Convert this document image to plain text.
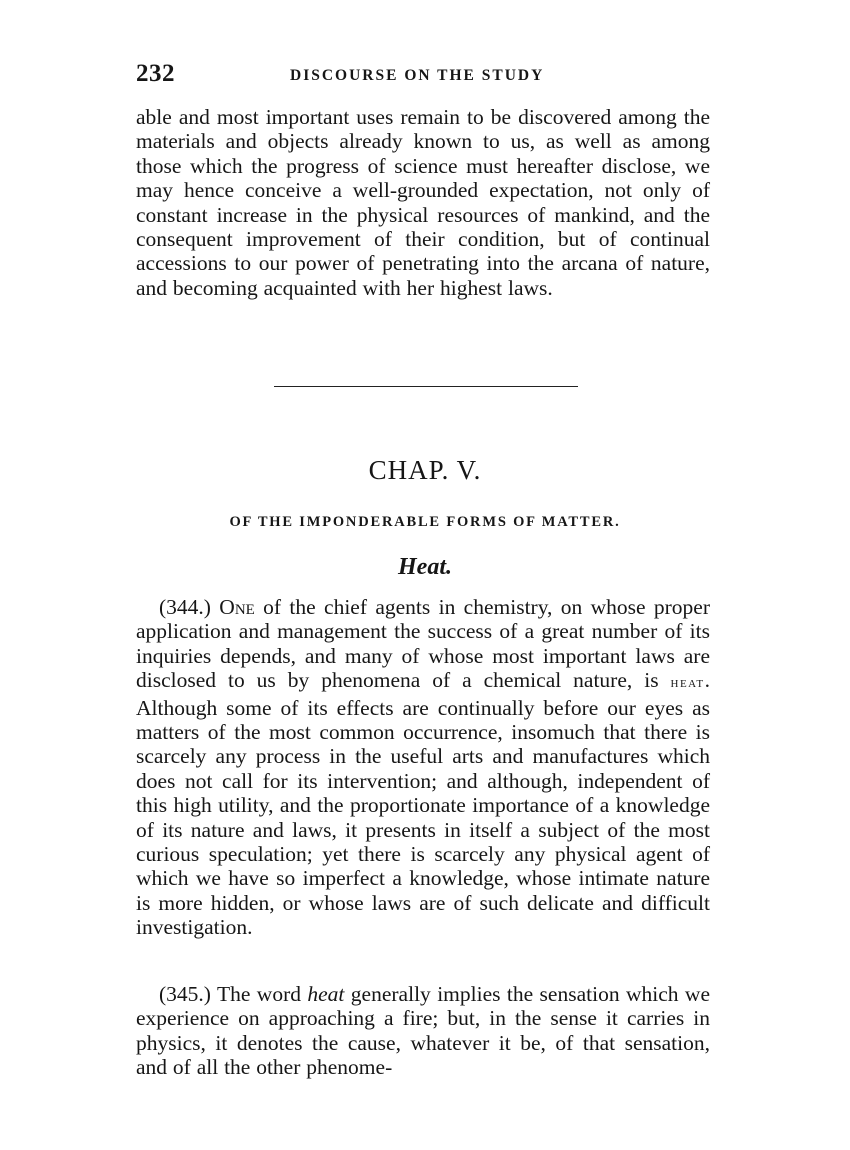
232	DISCOURSE ON THE STUDY

able and most important uses remain to be discovered among the materials and objects already known to us, as well as among those which the progress of science must hereafter disclose, we may hence conceive a well-grounded expectation, not only of constant increase in the physical resources of mankind, and the consequent improvement of their condition, but of continual accessions to our power of penetrating into the arcana of nature, and becoming acquainted with her highest laws.

CHAP. V.
OF THE IMPONDERABLE FORMS OF MATTER.
Heat.

(344.) One of the chief agents in chemistry, on whose proper application and management the success of a great number of its inquiries depends, and many of whose most important laws are disclosed to us by phenomena of a chemical nature, is heat. Although some of its effects are continually before our eyes as matters of the most common occurrence, insomuch that there is scarcely any process in the useful arts and manufactures which does not call for its intervention; and although, independent of this high utility, and the proportionate importance of a knowledge of its nature and laws, it presents in itself a subject of the most curious speculation; yet there is scarcely any physical agent of which we have so imperfect a knowledge, whose intimate nature is more hidden, or whose laws are of such delicate and difficult investigation.

(345.) The word heat generally implies the sensation which we experience on approaching a fire; but, in the sense it carries in physics, it denotes the cause, whatever it be, of that sensation, and of all the other phenome-
